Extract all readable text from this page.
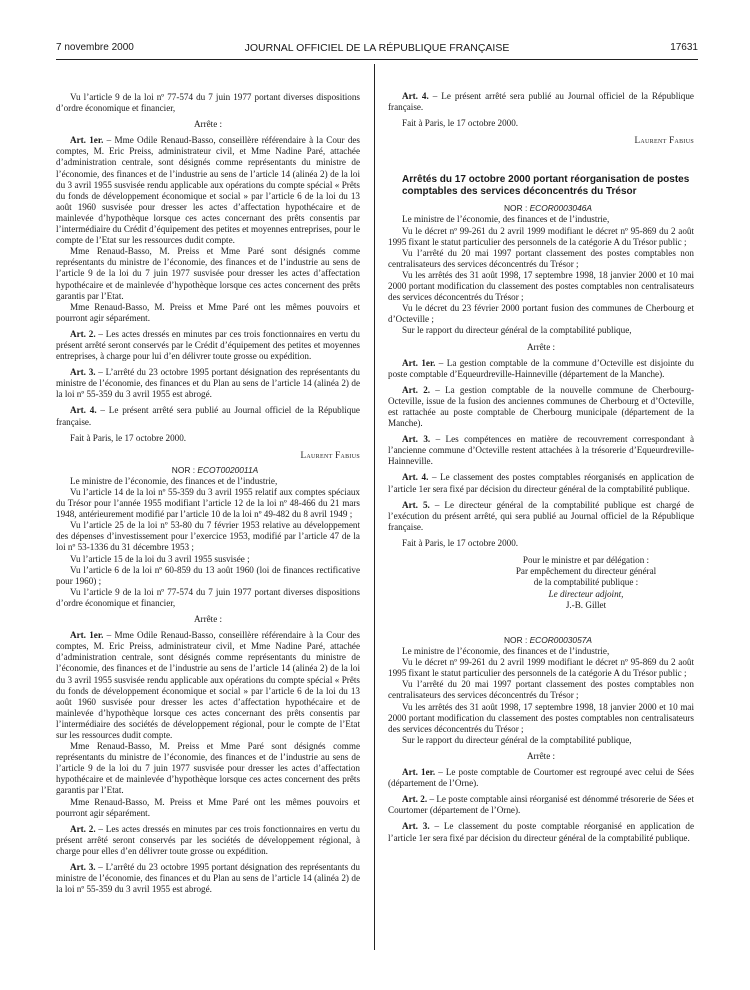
7 novembre 2000	JOURNAL OFFICIEL DE LA RÉPUBLIQUE FRANÇAISE	17631

Vu l’article 9 de la loi nº 77-574 du 7 juin 1977 portant diverses dispositions d’ordre économique et financier,

Arrête :

Art. 1er. – Mme Odile Renaud-Basso, conseillère référendaire à la Cour des comptes, M. Eric Preiss, administrateur civil, et Mme Nadine Paré, attachée d’administration centrale, sont désignés comme représentants du ministre de l’économie, des finances et de l’industrie au sens de l’article 14 (alinéa 2) de la loi du 3 avril 1955 susvisée rendu applicable aux opérations du compte spécial « Prêts du fonds de développement économique et social » par l’article 6 de la loi du 13 août 1960 susvisée pour dresser les actes d’affectation hypothécaire et de mainlevée d’hypothèque lorsque ces actes concernant des prêts consentis par l’intermédiaire du Crédit d’équipement des petites et moyennes entreprises, pour le compte de l’Etat sur les ressources dudit compte.

Mme Renaud-Basso, M. Preiss et Mme Paré sont désignés comme représentants du ministre de l’économie, des finances et de l’industrie au sens de l’article 9 de la loi du 7 juin 1977 susvisée pour dresser les actes d’affectation hypothécaire et de mainlevée d’hypothèque lorsque ces actes concernent des prêts garantis par l’Etat.

Mme Renaud-Basso, M. Preiss et Mme Paré ont les mêmes pouvoirs et pourront agir séparément.

Art. 2. – Les actes dressés en minutes par ces trois fonctionnaires en vertu du présent arrêté seront conservés par le Crédit d’équipement des petites et moyennes entreprises, à charge pour lui d’en délivrer toute grosse ou expédition.

Art. 3. – L’arrêté du 23 octobre 1995 portant désignation des représentants du ministre de l’économie, des finances et du Plan au sens de l’article 14 (alinéa 2) de la loi nº 55-359 du 3 avril 1955 est abrogé.

Art. 4. – Le présent arrêté sera publié au Journal officiel de la République française.

Fait à Paris, le 17 octobre 2000.

Laurent Fabius

NOR : ECOT0020011A

Le ministre de l’économie, des finances et de l’industrie,

Vu l’article 14 de la loi nº 55-359 du 3 avril 1955 relatif aux comptes spéciaux du Trésor pour l’année 1955 modifiant l’article 12 de la loi nº 48-466 du 21 mars 1948, antérieurement modifié par l’article 10 de la loi nº 49-482 du 8 avril 1949 ;

Vu l’article 25 de la loi nº 53-80 du 7 février 1953 relative au développement des dépenses d’investissement pour l’exercice 1953, modifié par l’article 47 de la loi nº 53-1336 du 31 décembre 1953 ;

Vu l’article 15 de la loi du 3 avril 1955 susvisée ;

Vu l’article 6 de la loi nº 60-859 du 13 août 1960 (loi de finances rectificative pour 1960) ;

Vu l’article 9 de la loi nº 77-574 du 7 juin 1977 portant diverses dispositions d’ordre économique et financier,

Arrête :

Art. 1er. – Mme Odile Renaud-Basso, conseillère référendaire à la Cour des comptes, M. Eric Preiss, administrateur civil, et Mme Nadine Paré, attachée d’administration centrale, sont désignés comme représentants du ministre de l’économie, des finances et de l’industrie au sens de l’article 14 (alinéa 2) de la loi du 3 avril 1955 susvisée rendu applicable aux opérations du compte spécial « Prêts du fonds de développement économique et social » par l’article 6 de la loi du 13 août 1960 susvisée pour dresser les actes d’affectation hypothécaire et de mainlevée d’hypothèque lorsque ces actes concernant des prêts consentis par l’intermédiaire des sociétés de développement régional, pour le compte de l’Etat sur les ressources dudit compte.

Mme Renaud-Basso, M. Preiss et Mme Paré sont désignés comme représentants du ministre de l’économie, des finances et de l’industrie au sens de l’article 9 de la loi du 7 juin 1977 susvisée pour dresser les actes d’affectation hypothécaire et de mainlevée d’hypothèque lorsque ces actes concernent des prêts garantis par l’Etat.

Mme Renaud-Basso, M. Preiss et Mme Paré ont les mêmes pouvoirs et pourront agir séparément.

Art. 2. – Les actes dressés en minutes par ces trois fonctionnaires en vertu du présent arrêté seront conservés par les sociétés de développement régional, à charge pour elles d’en délivrer toute grosse ou expédition.

Art. 3. – L’arrêté du 23 octobre 1995 portant désignation des représentants du ministre de l’économie, des finances et du Plan au sens de l’article 14 (alinéa 2) de la loi nº 55-359 du 3 avril 1955 est abrogé.

Art. 4. – Le présent arrêté sera publié au Journal officiel de la République française.

Fait à Paris, le 17 octobre 2000.

Laurent Fabius

Arrêtés du 17 octobre 2000 portant réorganisation de postes comptables des services déconcentrés du Trésor

NOR : ECOR0003046A

Le ministre de l’économie, des finances et de l’industrie,

Vu le décret nº 99-261 du 2 avril 1999 modifiant le décret nº 95-869 du 2 août 1995 fixant le statut particulier des personnels de la catégorie A du Trésor public ;

Vu l’arrêté du 20 mai 1997 portant classement des postes comptables non centralisateurs des services déconcentrés du Trésor ;

Vu les arrêtés des 31 août 1998, 17 septembre 1998, 18 janvier 2000 et 10 mai 2000 portant modification du classement des postes comptables non centralisateurs des services déconcentrés du Trésor ;

Vu le décret du 23 février 2000 portant fusion des communes de Cherbourg et d’Octeville ;

Sur le rapport du directeur général de la comptabilité publique,

Arrête :

Art. 1er. – La gestion comptable de la commune d’Octeville est disjointe du poste comptable d’Equeurdreville-Hainneville (département de la Manche).

Art. 2. – La gestion comptable de la nouvelle commune de Cherbourg-Octeville, issue de la fusion des anciennes communes de Cherbourg et d’Octeville, est rattachée au poste comptable de Cherbourg municipale (département de la Manche).

Art. 3. – Les compétences en matière de recouvrement correspondant à l’ancienne commune d’Octeville restent attachées à la trésorerie d’Equeurdreville-Hainneville.

Art. 4. – Le classement des postes comptables réorganisés en application de l’article 1er sera fixé par décision du directeur général de la comptabilité publique.

Art. 5. – Le directeur général de la comptabilité publique est chargé de l’exécution du présent arrêté, qui sera publié au Journal officiel de la République française.

Fait à Paris, le 17 octobre 2000.

Pour le ministre et par délégation :
Par empêchement du directeur général
de la comptabilité publique :
Le directeur adjoint,
J.-B. Gillet

NOR : ECOR0003057A

Le ministre de l’économie, des finances et de l’industrie,

Vu le décret nº 99-261 du 2 avril 1999 modifiant le décret nº 95-869 du 2 août 1995 fixant le statut particulier des personnels de la catégorie A du Trésor public ;

Vu l’arrêté du 20 mai 1997 portant classement des postes comptables non centralisateurs des services déconcentrés du Trésor ;

Vu les arrêtés des 31 août 1998, 17 septembre 1998, 18 janvier 2000 et 10 mai 2000 portant modification du classement des postes comptables non centralisateurs des services déconcentrés du Trésor ;

Sur le rapport du directeur général de la comptabilité publique,

Arrête :

Art. 1er. – Le poste comptable de Courtomer est regroupé avec celui de Sées (département de l’Orne).

Art. 2. – Le poste comptable ainsi réorganisé est dénommé trésorerie de Sées et Courtomer (département de l’Orne).

Art. 3. – Le classement du poste comptable réorganisé en application de l’article 1er sera fixé par décision du directeur général de la comptabilité publique.
